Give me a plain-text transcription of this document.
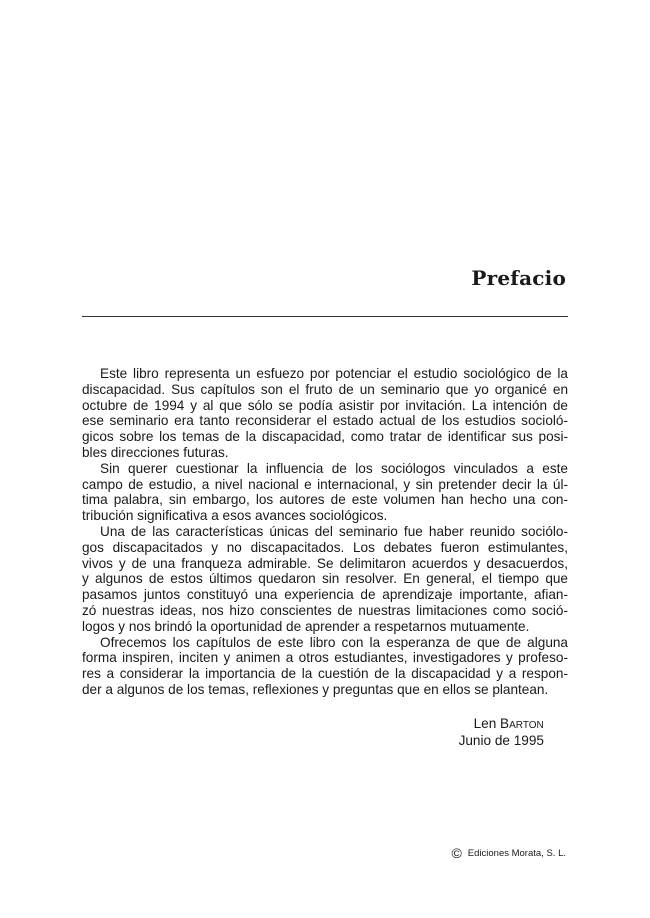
Prefacio
Este libro representa un esfuezo por potenciar el estudio sociológico de la
discapacidad. Sus capítulos son el fruto de un seminario que yo organicé en
octubre de 1994 y al que sólo se podía asistir por invitación. La intención de
ese seminario era tanto reconsiderar el estado actual de los estudios socioló-
gicos sobre los temas de la discapacidad, como tratar de identificar sus posi-
bles direcciones futuras.
Sin querer cuestionar la influencia de los sociólogos vinculados a este
campo de estudio, a nivel nacional e internacional, y sin pretender decir la úl-
tima palabra, sin embargo, los autores de este volumen han hecho una con-
tribución significativa a esos avances sociológicos.
Una de las características únicas del seminario fue haber reunido sociólo-
gos discapacitados y no discapacitados. Los debates fueron estimulantes,
vivos y de una franqueza admirable. Se delimitaron acuerdos y desacuerdos,
y algunos de estos últimos quedaron sin resolver. En general, el tiempo que
pasamos juntos constituyó una experiencia de aprendizaje importante, afian-
zó nuestras ideas, nos hizo conscientes de nuestras limitaciones como soció-
logos y nos brindó la oportunidad de aprender a respetarnos mutuamente.
Ofrecemos los capítulos de este libro con la esperanza de que de alguna
forma inspiren, inciten y animen a otros estudiantes, investigadores y profeso-
res a considerar la importancia de la cuestión de la discapacidad y a respon-
der a algunos de los temas, reflexiones y preguntas que en ellos se plantean.
Len Barton
Junio de 1995
© Ediciones Morata, S. L.
